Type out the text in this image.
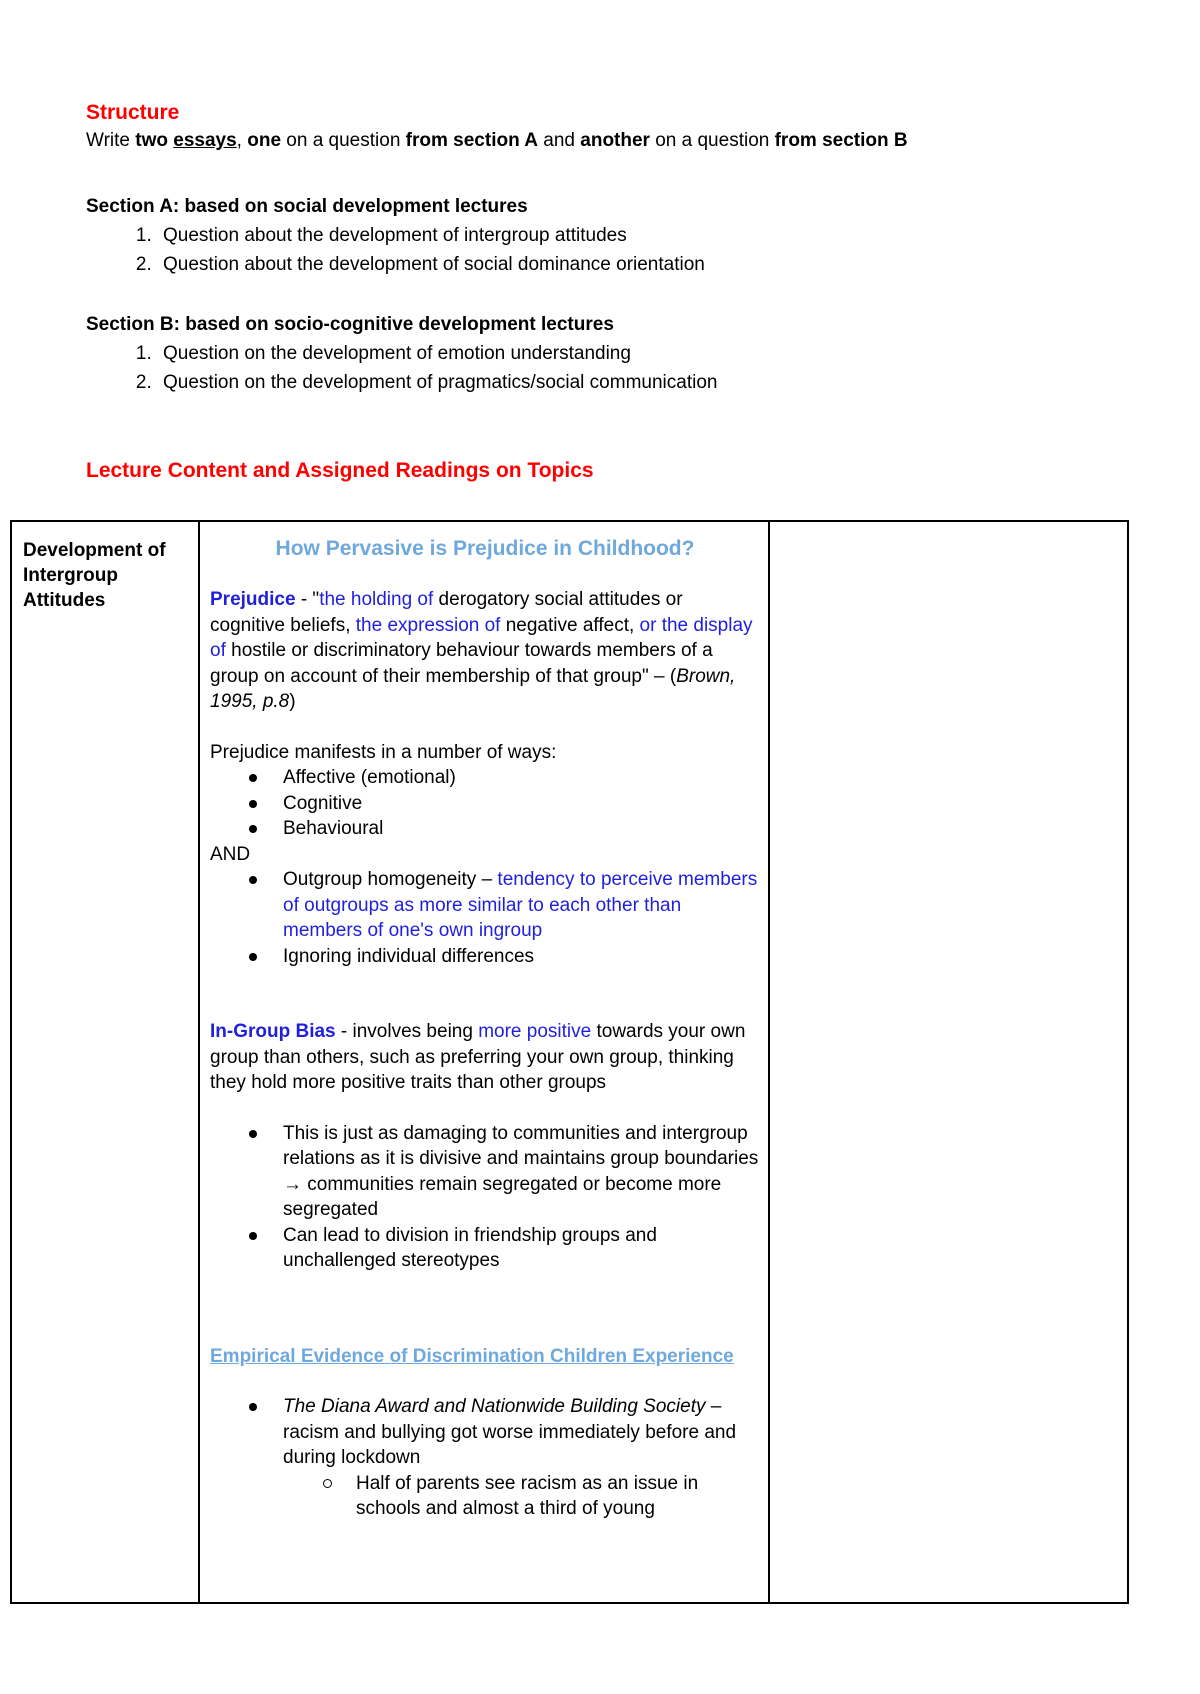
Structure

Write two essays, one on a question from section A and another on a question from section B

Section A: based on social development lectures

1. Question about the development of intergroup attitudes
2. Question about the development of social dominance orientation

Section B: based on socio-cognitive development lectures

1. Question on the development of emotion understanding
2. Question on the development of pragmatics/social communication

Lecture Content and Assigned Readings on Topics

Development of Intergroup Attitudes

How Pervasive is Prejudice in Childhood?

Prejudice - "the holding of derogatory social attitudes or cognitive beliefs, the expression of negative affect, or the display of hostile or discriminatory behaviour towards members of a group on account of their membership of that group" – (Brown, 1995, p.8)

Prejudice manifests in a number of ways:

Affective (emotional)
Cognitive
Behavioural

AND

Outgroup homogeneity – tendency to perceive members of outgroups as more similar to each other than members of one's own ingroup
Ignoring individual differences

In-Group Bias - involves being more positive towards your own group than others, such as preferring your own group, thinking they hold more positive traits than other groups

This is just as damaging to communities and intergroup relations as it is divisive and maintains group boundaries → communities remain segregated or become more segregated
Can lead to division in friendship groups and unchallenged stereotypes

Empirical Evidence of Discrimination Children Experience

The Diana Award and Nationwide Building Society – racism and bullying got worse immediately before and during lockdown
Half of parents see racism as an issue in schools and almost a third of young
